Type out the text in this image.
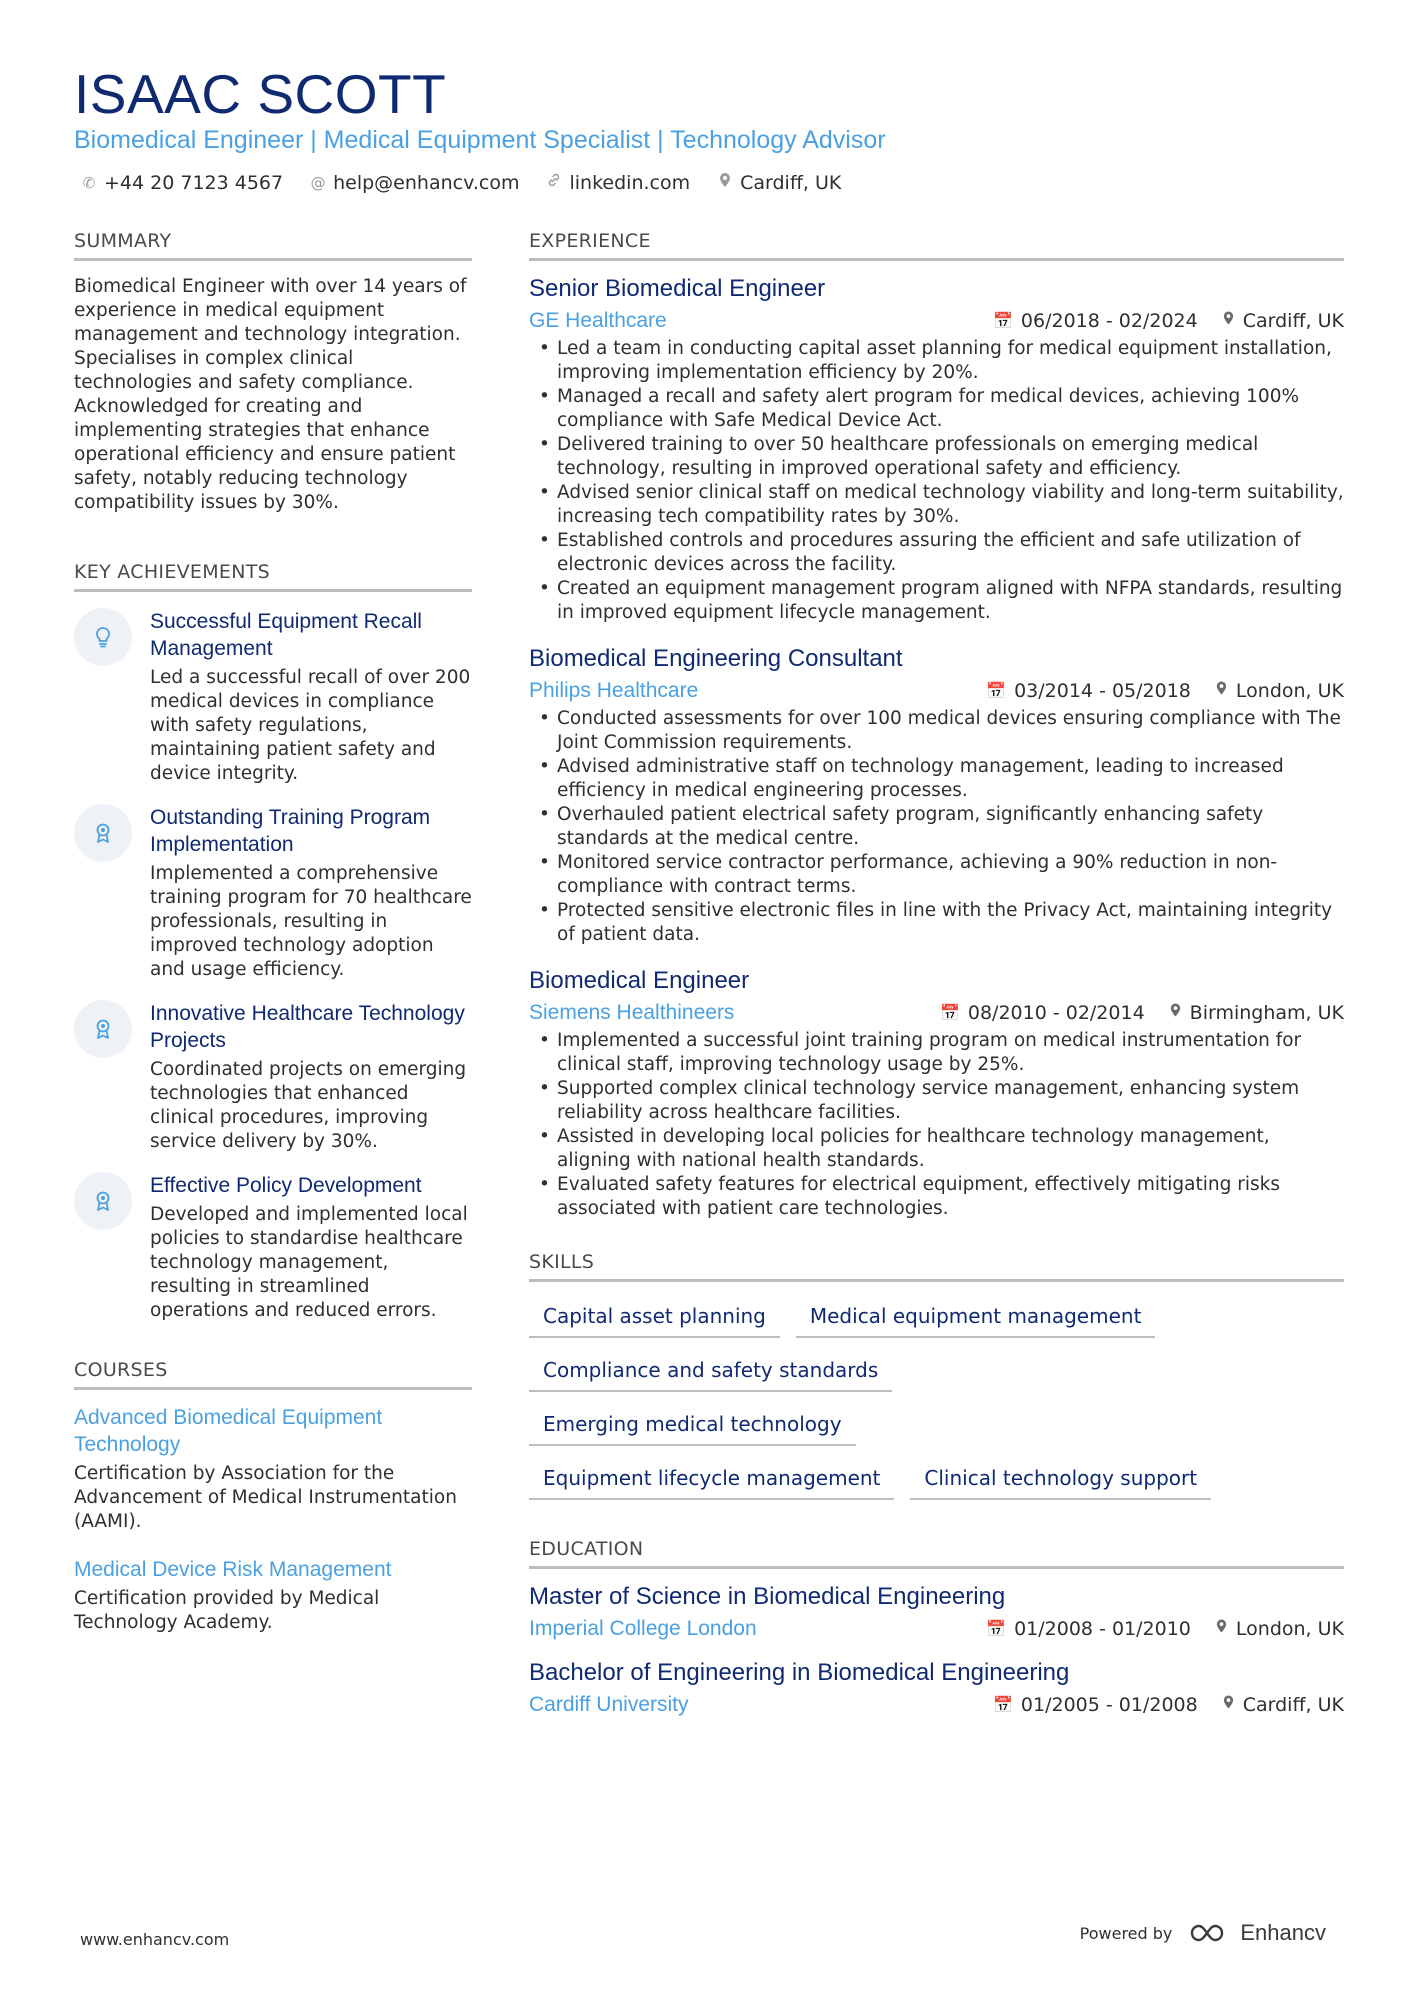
ISAAC SCOTT
Biomedical Engineer | Medical Equipment Specialist | Technology Advisor
✆ +44 20 7123 4567 @ help@enhancv.com	linkedin.com	Cardiff, UK
SUMMARY
Biomedical Engineer with over 14 years of experience in medical equipment management and technology integration. Specialises in complex clinical technologies and safety compliance. Acknowledged for creating and implementing strategies that enhance operational efficiency and ensure patient safety, notably reducing technology compatibility issues by 30%.
KEY ACHIEVEMENTS
Successful Equipment Recall Management
Led a successful recall of over 200 medical devices in compliance with safety regulations, maintaining patient safety and device integrity.
Outstanding Training Program Implementation
Implemented a comprehensive training program for 70 healthcare professionals, resulting in improved technology adoption and usage efficiency.
Innovative Healthcare Technology Projects
Coordinated projects on emerging technologies that enhanced clinical procedures, improving service delivery by 30%.
Effective Policy Development
Developed and implemented local policies to standardise healthcare technology management, resulting in streamlined operations and reduced errors.
COURSES
Advanced Biomedical Equipment Technology
Certification by Association for the Advancement of Medical Instrumentation (AAMI).
Medical Device Risk Management
Certification provided by Medical Technology Academy.
EXPERIENCE
Senior Biomedical Engineer
GE Healthcare	📅 06/2018 - 02/2024 Cardiff, UK
• Led a team in conducting capital asset planning for medical equipment installation, improving implementation efficiency by 20%.
• Managed a recall and safety alert program for medical devices, achieving 100% compliance with Safe Medical Device Act.
• Delivered training to over 50 healthcare professionals on emerging medical technology, resulting in improved operational safety and efficiency.
• Advised senior clinical staff on medical technology viability and long-term suitability, increasing tech compatibility rates by 30%.
• Established controls and procedures assuring the efficient and safe utilization of electronic devices across the facility.
• Created an equipment management program aligned with NFPA standards, resulting in improved equipment lifecycle management.
Biomedical Engineering Consultant
Philips Healthcare	📅 03/2014 - 05/2018 London, UK
• Conducted assessments for over 100 medical devices ensuring compliance with The Joint Commission requirements.
• Advised administrative staff on technology management, leading to increased efficiency in medical engineering processes.
• Overhauled patient electrical safety program, significantly enhancing safety standards at the medical centre.
• Monitored service contractor performance, achieving a 90% reduction in non-compliance with contract terms.
• Protected sensitive electronic files in line with the Privacy Act, maintaining integrity of patient data.
Biomedical Engineer
Siemens Healthineers	📅 08/2010 - 02/2014 Birmingham, UK
• Implemented a successful joint training program on medical instrumentation for clinical staff, improving technology usage by 25%.
• Supported complex clinical technology service management, enhancing system reliability across healthcare facilities.
• Assisted in developing local policies for healthcare technology management, aligning with national health standards.
• Evaluated safety features for electrical equipment, effectively mitigating risks associated with patient care technologies.
SKILLS
Capital asset planning	Medical equipment management
Compliance and safety standards
Emerging medical technology
Equipment lifecycle management	Clinical technology support
EDUCATION
Master of Science in Biomedical Engineering
Imperial College London	📅 01/2008 - 01/2010 London, UK
Bachelor of Engineering in Biomedical Engineering
Cardiff University	📅 01/2005 - 01/2008 Cardiff, UK
www.enhancv.com	Powered by	Enhancv
